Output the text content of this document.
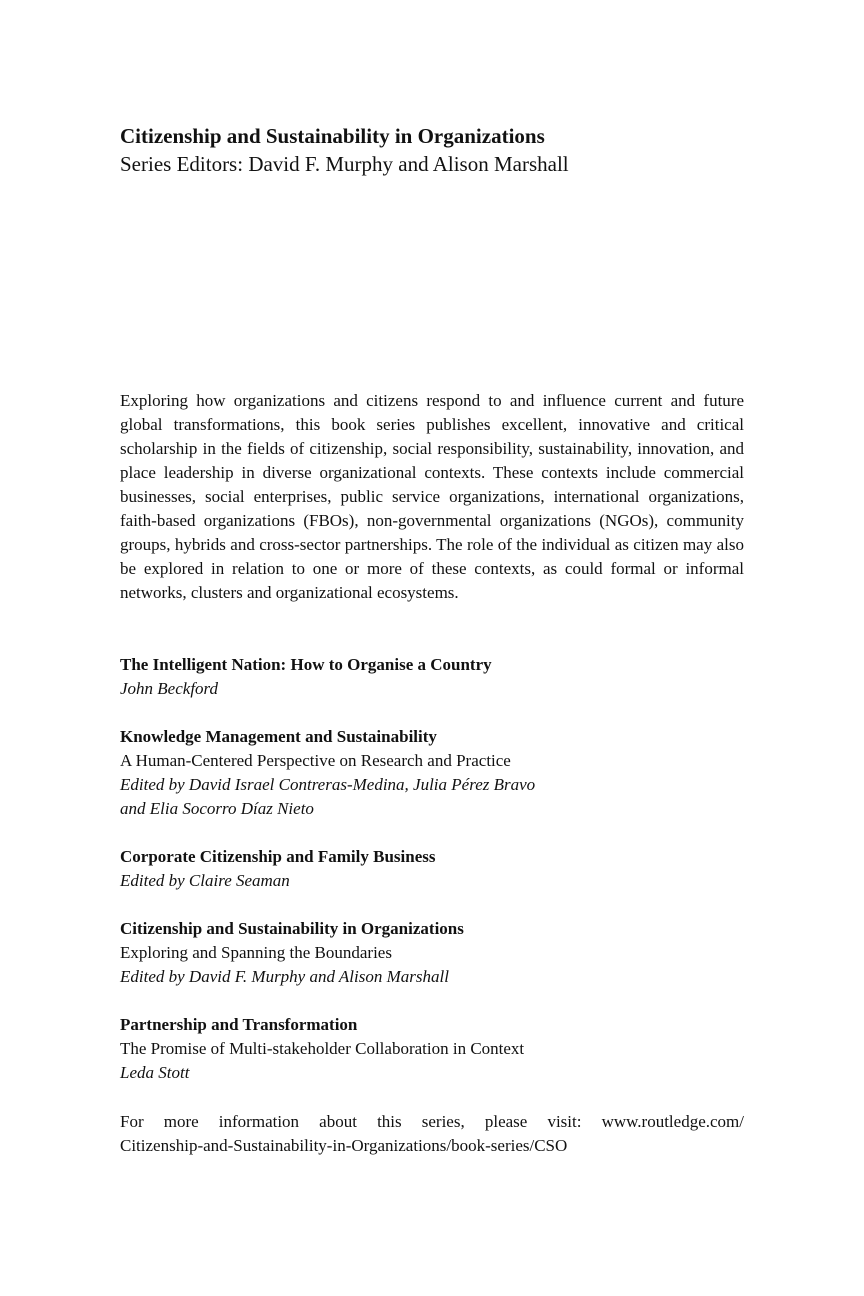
Citizenship and Sustainability in Organizations

Series Editors: David F. Murphy and Alison Marshall

Exploring how organizations and citizens respond to and influence current and future global transformations, this book series publishes excellent, innovative and critical scholarship in the fields of citizenship, social responsibility, sustainability, innovation, and place leadership in diverse organizational contexts. These contexts include commercial businesses, social enterprises, public service organizations, international organizations, faith-based organizations (FBOs), non-governmental organizations (NGOs), community groups, hybrids and cross-sector partnerships. The role of the individual as citizen may also be explored in relation to one or more of these contexts, as could formal or informal networks, clusters and organizational ecosystems.

The Intelligent Nation: How to Organise a Country

John Beckford

Knowledge Management and Sustainability

A Human-Centered Perspective on Research and Practice

Edited by David Israel Contreras-Medina, Julia Pérez Bravo

and Elia Socorro Díaz Nieto

Corporate Citizenship and Family Business

Edited by Claire Seaman

Citizenship and Sustainability in Organizations

Exploring and Spanning the Boundaries

Edited by David F. Murphy and Alison Marshall

Partnership and Transformation

The Promise of Multi-stakeholder Collaboration in Context

Leda Stott

For more information about this series, please visit: www.routledge.com/
Citizenship-and-Sustainability-in-Organizations/book-series/CSO
